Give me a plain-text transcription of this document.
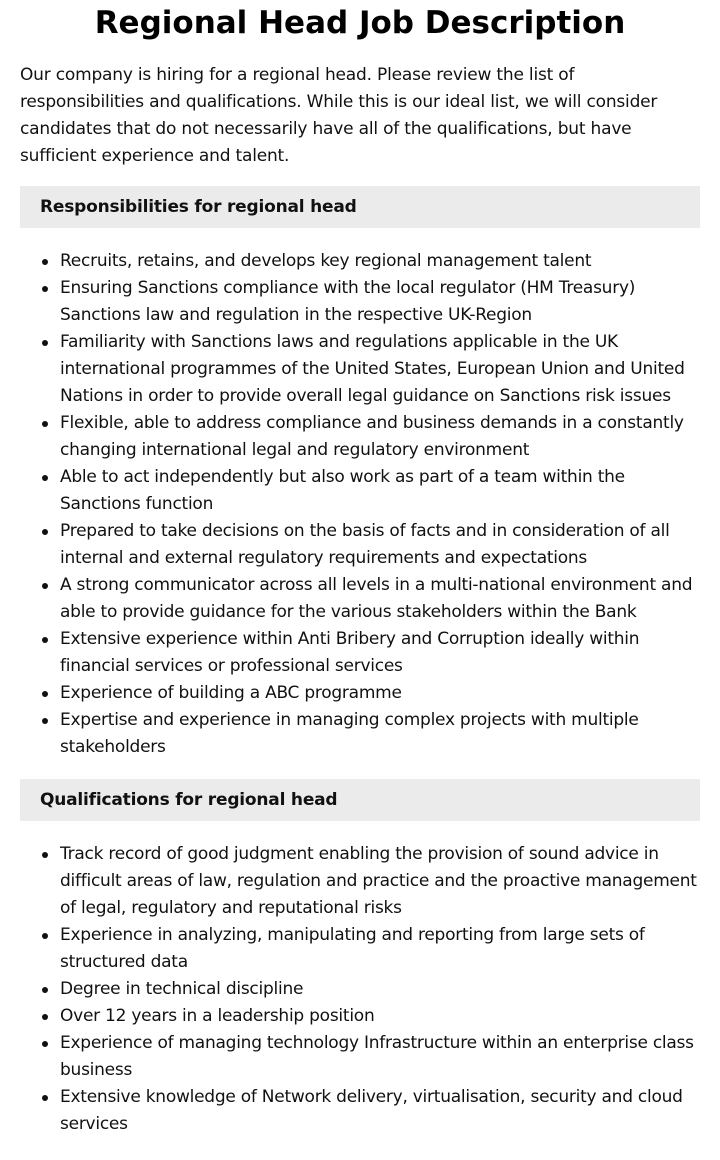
Regional Head Job Description

Our company is hiring for a regional head. Please review the list of responsibilities and qualifications. While this is our ideal list, we will consider candidates that do not necessarily have all of the qualifications, but have sufficient experience and talent.

Responsibilities for regional head
Recruits, retains, and develops key regional management talent
Ensuring Sanctions compliance with the local regulator (HM Treasury) Sanctions law and regulation in the respective UK-Region
Familiarity with Sanctions laws and regulations applicable in the UK international programmes of the United States, European Union and United Nations in order to provide overall legal guidance on Sanctions risk issues
Flexible, able to address compliance and business demands in a constantly changing international legal and regulatory environment
Able to act independently but also work as part of a team within the Sanctions function
Prepared to take decisions on the basis of facts and in consideration of all internal and external regulatory requirements and expectations
A strong communicator across all levels in a multi-national environment and able to provide guidance for the various stakeholders within the Bank
Extensive experience within Anti Bribery and Corruption ideally within financial services or professional services
Experience of building a ABC programme
Expertise and experience in managing complex projects with multiple stakeholders
Qualifications for regional head
Track record of good judgment enabling the provision of sound advice in difficult areas of law, regulation and practice and the proactive management of legal, regulatory and reputational risks
Experience in analyzing, manipulating and reporting from large sets of structured data
Degree in technical discipline
Over 12 years in a leadership position
Experience of managing technology Infrastructure within an enterprise class business
Extensive knowledge of Network delivery, virtualisation, security and cloud services
